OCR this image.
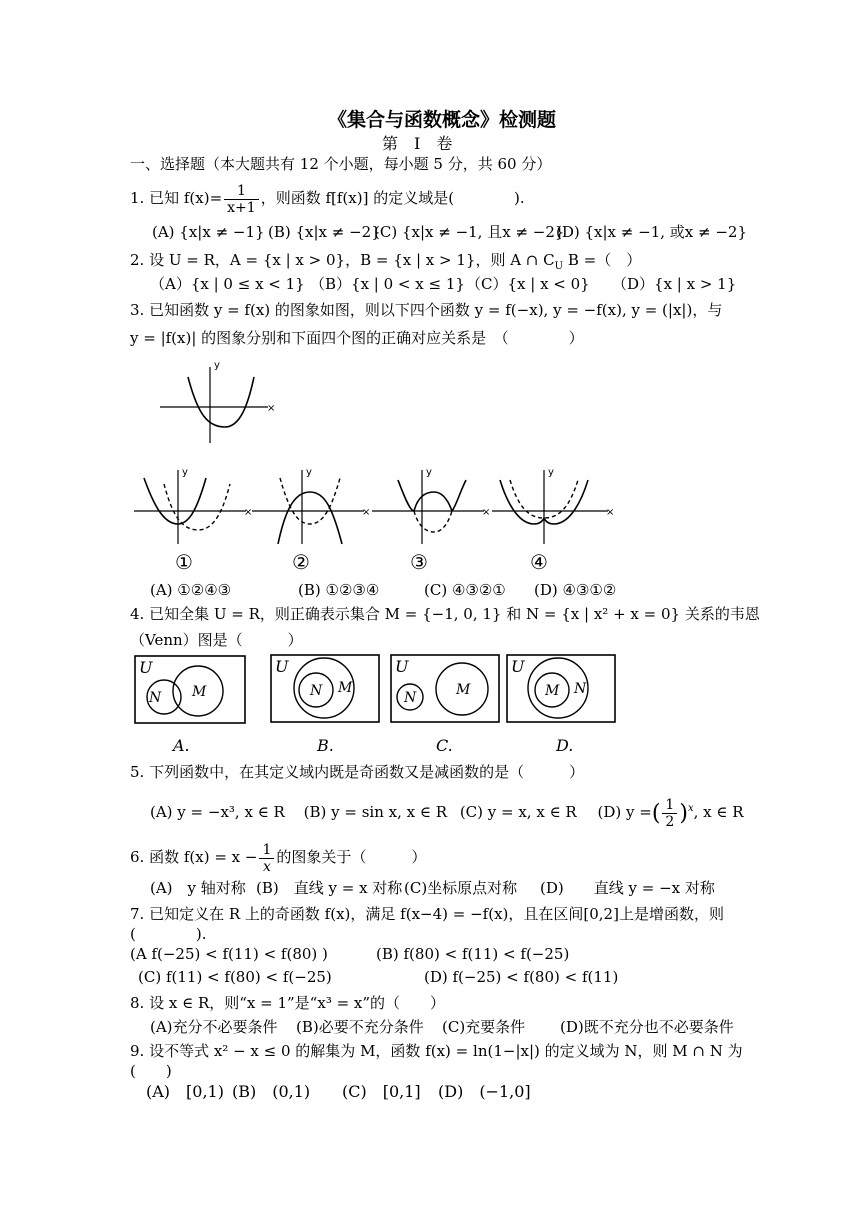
《集合与函数概念》检测题
第　Ⅰ　卷
一、选择题（本大题共有 12 个小题，每小题 5 分，共 60 分）
1. 已知 $f(x)= \frac{1}{x+1}$ ，则函数 f[f(x)] 的定义域是(　　　　).
(A) {x|x ≠ −1} (B) {x|x ≠ −2}
(C) {x|x ≠ −1, 且x ≠ −2}
(D) {x|x ≠ −1, 或x ≠ −2}
2. 设 U = R，A = {x | x > 0}，B = {x | x > 1}，则 A ∩ $C_U$ B =（　）
（A）{x | 0 ≤ x < 1} （B）{x | 0 < x ≤ 1} （C）{x | x < 0} （D）{x | x > 1}
3. 已知函数 y = f(x) 的图象如图，则以下四个函数 y = f(−x), y = −f(x), y = (|x|)，与
y = |f(x)| 的图象分别和下面四个图的正确对应关系是　（　　　　）
×
y
×
y
×
y
×
y
×
y
①	②	③	④
(A) ①②④③	(B) ①②③④	(C) ④③②① (D) ④③①②
4. 已知全集 U = R，则正确表示集合 M = {−1, 0, 1} 和 N = {x | x² + x = 0} 关系的韦恩
（Venn）图是（　　　）
U
M
N
U
N M
U
N	M
U
M N
A.	B.	C.	D.
5. 下列函数中，在其定义域内既是奇函数又是减函数的是（　　　）
(A) y = −x³, x ∈ R (B) y = sin x, x ∈ R (C) y = x, x ∈ R (D) y =( $\frac{1}{2} )^x$, x ∈ R
6. 函数 $f(x) = x - \frac{1}{x}$ 的图象关于（　　　）
(A)　y 轴对称 (B)　直线 y = x 对称 (C)坐标原点对称 (D)　　直线 y = −x 对称
7. 已知定义在 R 上的奇函数 f(x)，满足 f(x−4) = −f(x)，且在区间[0,2]上是增函数，则
(　　　　).
(A f(−25) < f(11) < f(80) )	(B) f(80) < f(11) < f(−25)
(C) f(11) < f(80) < f(−25)	(D) f(−25) < f(80) < f(11)
8. 设 x ∈ R，则“x = 1”是“x³ = x”的（　　）
(A)充分不必要条件 (B)必要不充分条件 (C)充要条件 (D)既不充分也不必要条件
9. 设不等式 x² − x ≤ 0 的解集为 M，函数 f(x) = ln(1−|x|) 的定义域为 N，则 M ∩ N 为
(　　)
(A)　[0,1) (B)　(0,1) (C)　[0,1] (D)　(−1,0]
